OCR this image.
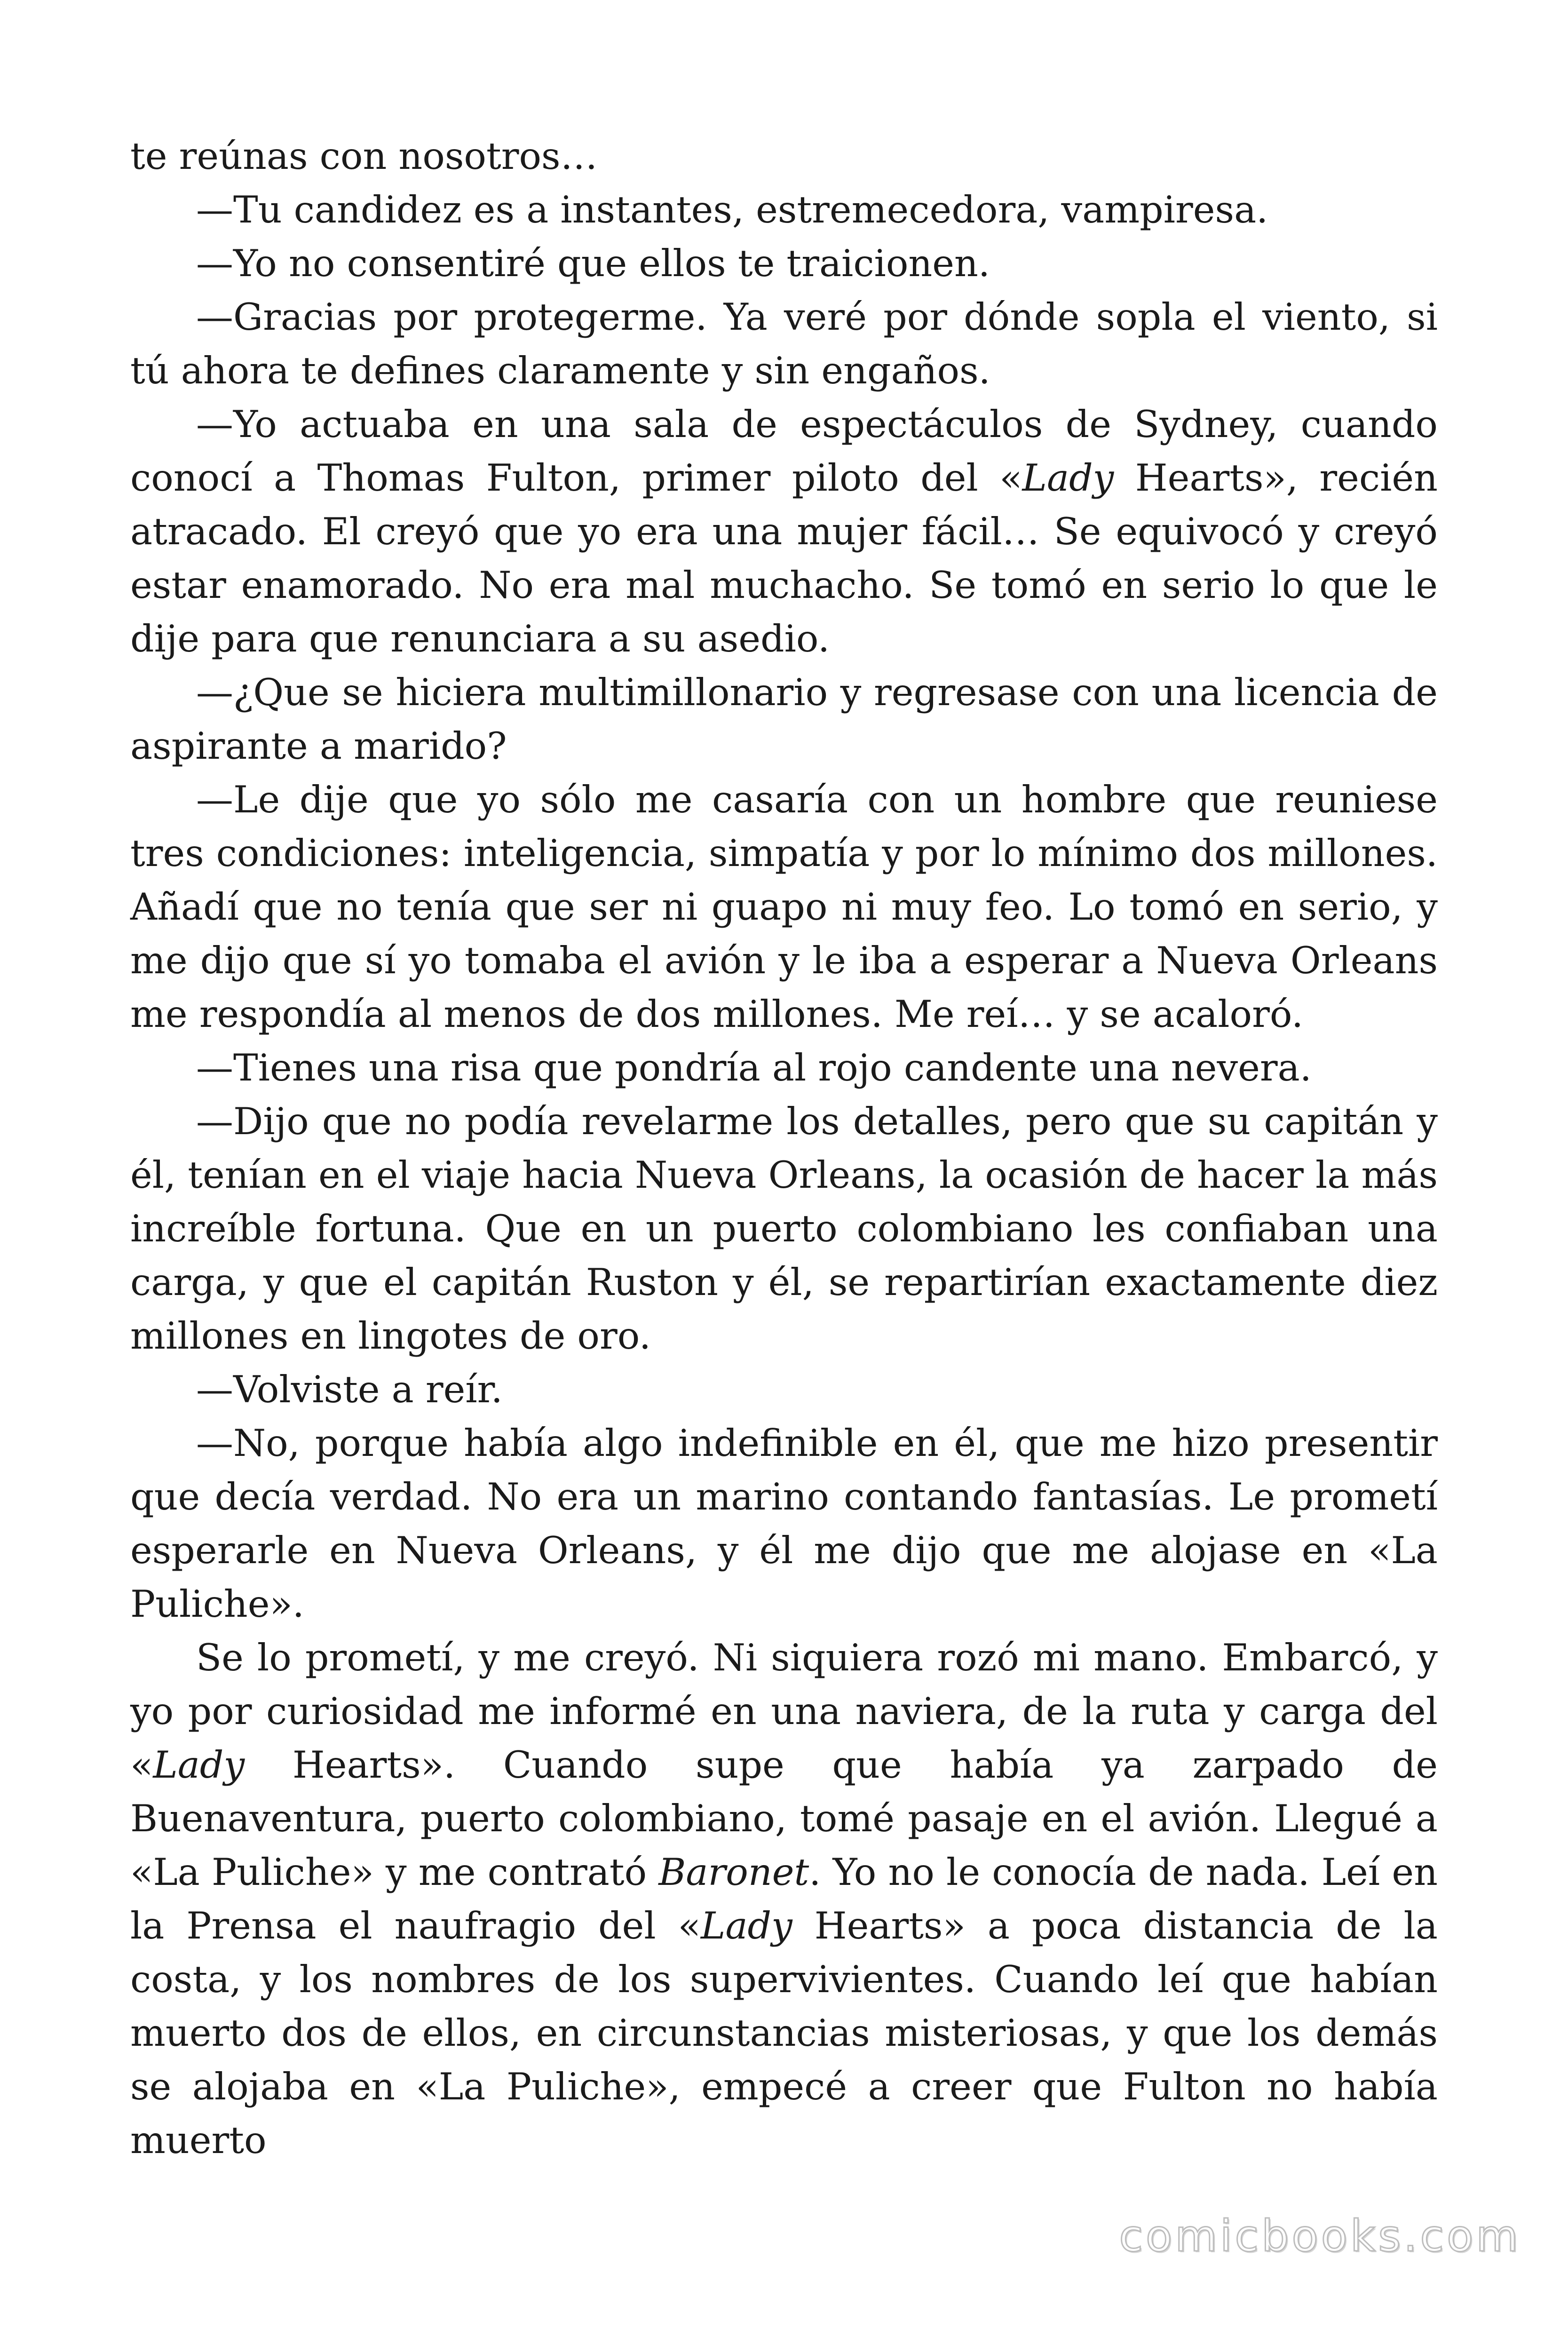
te reúnas con nosotros…

—Tu candidez es a instantes, estremecedora, vampiresa.

—Yo no consentiré que ellos te traicionen.

—Gracias por protegerme. Ya veré por dónde sopla el viento, si tú ahora te defines claramente y sin engaños.

—Yo actuaba en una sala de espectáculos de Sydney, cuando conocí a Thomas Fulton, primer piloto del «Lady Hearts», recién atracado. El creyó que yo era una mujer fácil… Se equivocó y creyó estar enamorado. No era mal muchacho. Se tomó en serio lo que le dije para que renunciara a su asedio.

—¿Que se hiciera multimillonario y regresase con una licencia de aspirante a marido?

—Le dije que yo sólo me casaría con un hombre que reuniese tres condiciones: inteligencia, simpatía y por lo mínimo dos millones. Añadí que no tenía que ser ni guapo ni muy feo. Lo tomó en serio, y me dijo que sí yo tomaba el avión y le iba a esperar a Nueva Orleans me respondía al menos de dos millones. Me reí… y se acaloró.

—Tienes una risa que pondría al rojo candente una nevera.

—Dijo que no podía revelarme los detalles, pero que su capitán y él, tenían en el viaje hacia Nueva Orleans, la ocasión de hacer la más increíble fortuna. Que en un puerto colombiano les confiaban una carga, y que el capitán Ruston y él, se repartirían exactamente diez millones en lingotes de oro.

—Volviste a reír.

—No, porque había algo indefinible en él, que me hizo presentir que decía verdad. No era un marino contando fantasías. Le prometí esperarle en Nueva Orleans, y él me dijo que me alojase en «La Puliche».

Se lo prometí, y me creyó. Ni siquiera rozó mi mano. Embarcó, y yo por curiosidad me informé en una naviera, de la ruta y carga del «Lady Hearts». Cuando supe que había ya zarpado de Buenaventura, puerto colombiano, tomé pasaje en el avión. Llegué a «La Puliche» y me contrató Baronet. Yo no le conocía de nada. Leí en la Prensa el naufragio del «Lady Hearts» a poca distancia de la costa, y los nombres de los supervivientes. Cuando leí que habían muerto dos de ellos, en circunstancias misteriosas, y que los demás se alojaba en «La Puliche», empecé a creer que Fulton no había muerto

comicbooks.com
